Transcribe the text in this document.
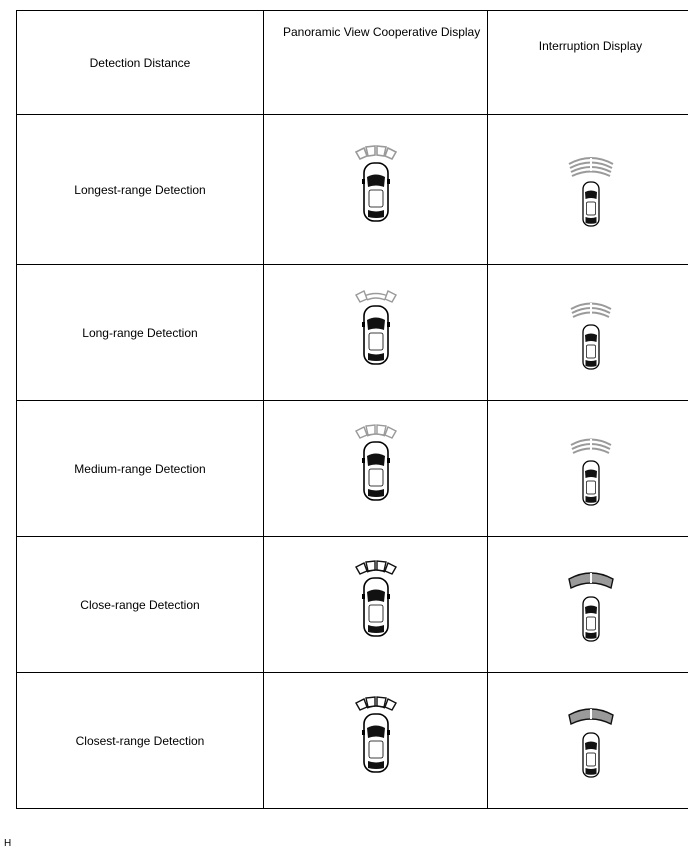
Detection Distance	Panoramic View Cooperative Display	Interruption Display
Longest-range Detection	

Long-range Detection	

Medium-range Detection	

Close-range Detection	

Closest-range Detection	

H
